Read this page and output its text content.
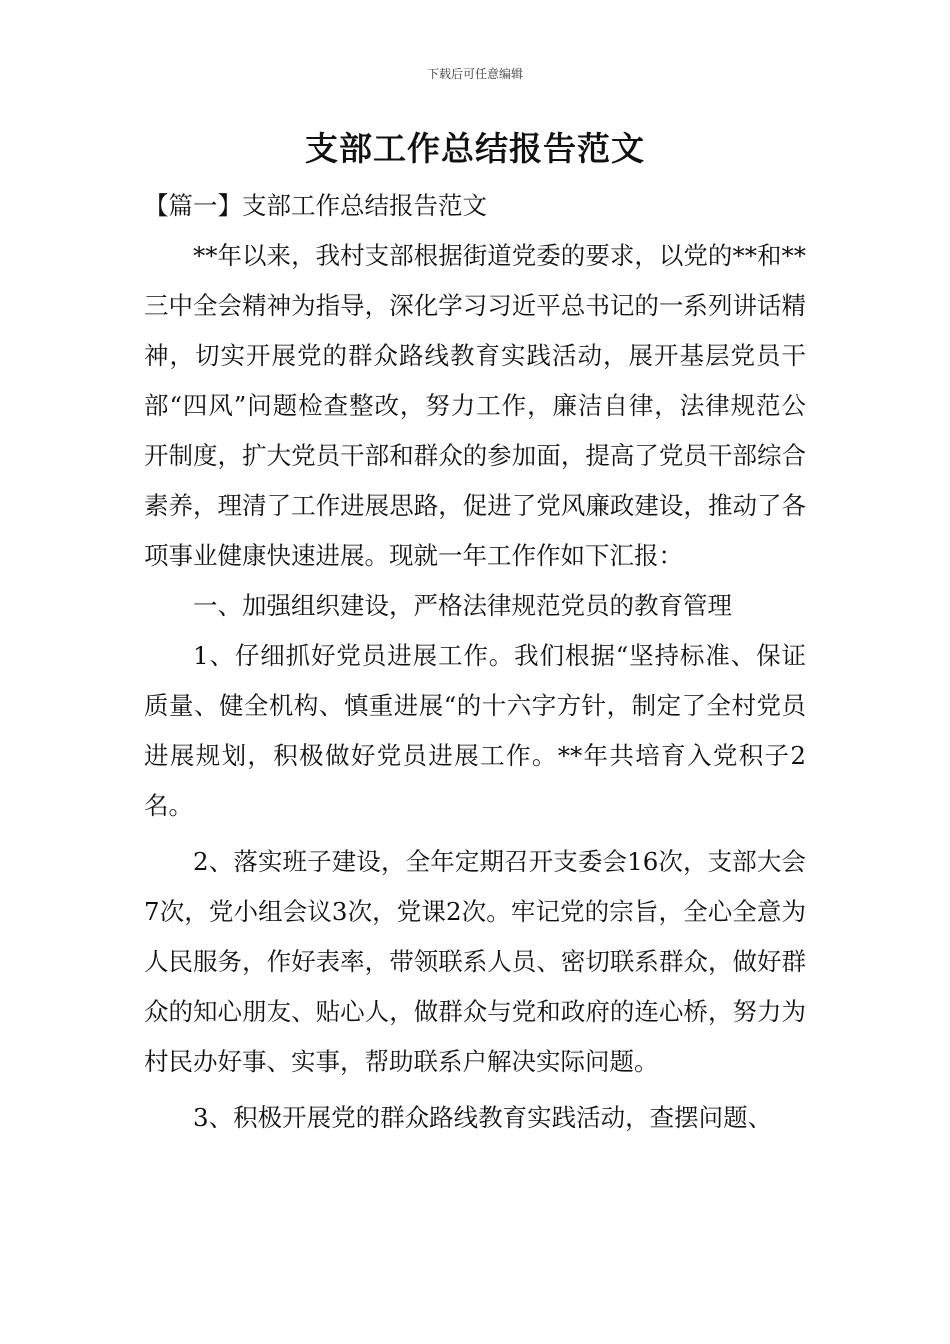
下载后可任意编辑
支部工作总结报告范文

【篇一】支部工作总结报告范文

**年以来，我村支部根据街道党委的要求，以党的**和**三中全会精神为指导，深化学习习近平总书记的一系列讲话精神，切实开展党的群众路线教育实践活动，展开基层党员干部“四风”问题检查整改，努力工作，廉洁自律，法律规范公开制度，扩大党员干部和群众的参加面，提高了党员干部综合素养，理清了工作进展思路，促进了党风廉政建设，推动了各项事业健康快速进展。现就一年工作作如下汇报：

一、加强组织建设，严格法律规范党员的教育管理

1、仔细抓好党员进展工作。我们根据“坚持标准、保证质量、健全机构、慎重进展“的十六字方针，制定了全村党员进展规划，积极做好党员进展工作。**年共培育入党积子2名。

2、落实班子建设，全年定期召开支委会16次，支部大会7次，党小组会议3次，党课2次。牢记党的宗旨，全心全意为人民服务，作好表率，带领联系人员、密切联系群众，做好群众的知心朋友、贴心人，做群众与党和政府的连心桥，努力为村民办好事、实事，帮助联系户解决实际问题。

3、积极开展党的群众路线教育实践活动，查摆问题、
